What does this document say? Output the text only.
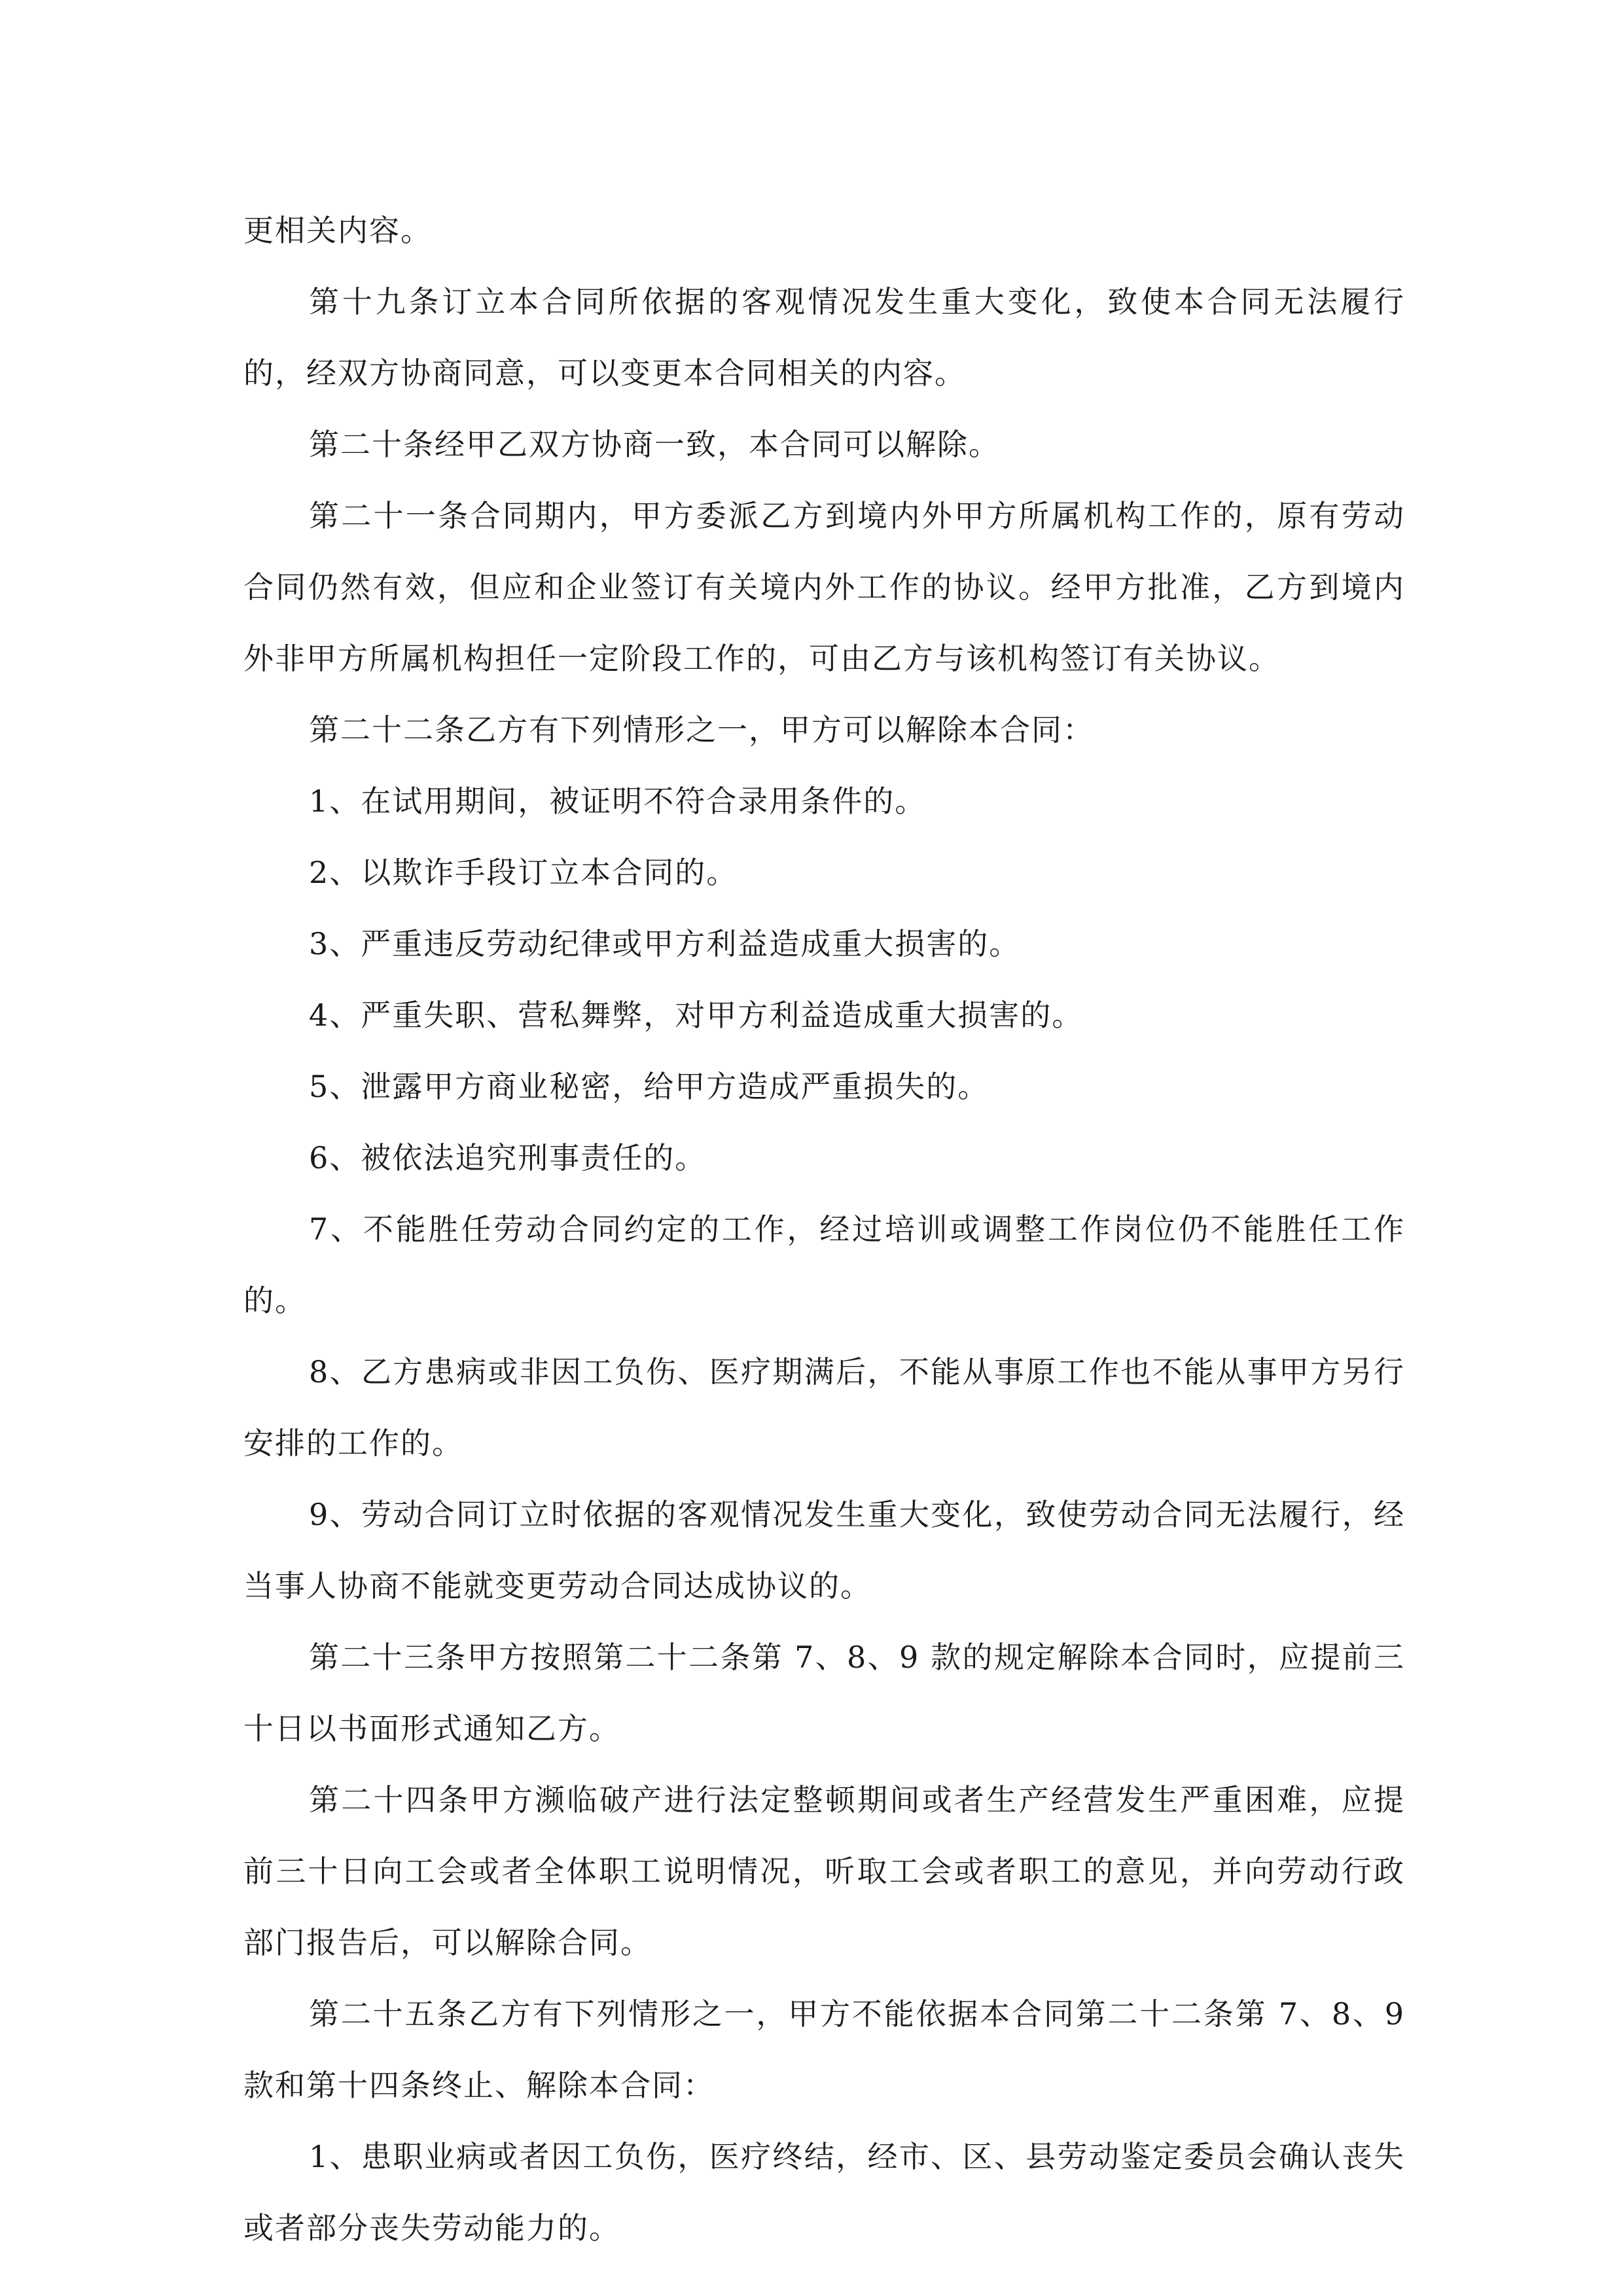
更相关内容。

第十九条订立本合同所依据的客观情况发生重大变化，致使本合同无法履行的，经双方协商同意，可以变更本合同相关的内容。

第二十条经甲乙双方协商一致，本合同可以解除。

第二十一条合同期内，甲方委派乙方到境内外甲方所属机构工作的，原有劳动合同仍然有效，但应和企业签订有关境内外工作的协议。经甲方批准，乙方到境内外非甲方所属机构担任一定阶段工作的，可由乙方与该机构签订有关协议。

第二十二条乙方有下列情形之一，甲方可以解除本合同：

1、在试用期间，被证明不符合录用条件的。

2、以欺诈手段订立本合同的。

3、严重违反劳动纪律或甲方利益造成重大损害的。

4、严重失职、营私舞弊，对甲方利益造成重大损害的。

5、泄露甲方商业秘密，给甲方造成严重损失的。

6、被依法追究刑事责任的。

7、不能胜任劳动合同约定的工作，经过培训或调整工作岗位仍不能胜任工作的。

8、乙方患病或非因工负伤、医疗期满后，不能从事原工作也不能从事甲方另行安排的工作的。

9、劳动合同订立时依据的客观情况发生重大变化，致使劳动合同无法履行，经当事人协商不能就变更劳动合同达成协议的。

第二十三条甲方按照第二十二条第 7、8、9 款的规定解除本合同时，应提前三十日以书面形式通知乙方。

第二十四条甲方濒临破产进行法定整顿期间或者生产经营发生严重困难，应提前三十日向工会或者全体职工说明情况，听取工会或者职工的意见，并向劳动行政部门报告后，可以解除合同。

第二十五条乙方有下列情形之一，甲方不能依据本合同第二十二条第 7、8、9 款和第十四条终止、解除本合同：

1、患职业病或者因工负伤，医疗终结，经市、区、县劳动鉴定委员会确认丧失或者部分丧失劳动能力的。
